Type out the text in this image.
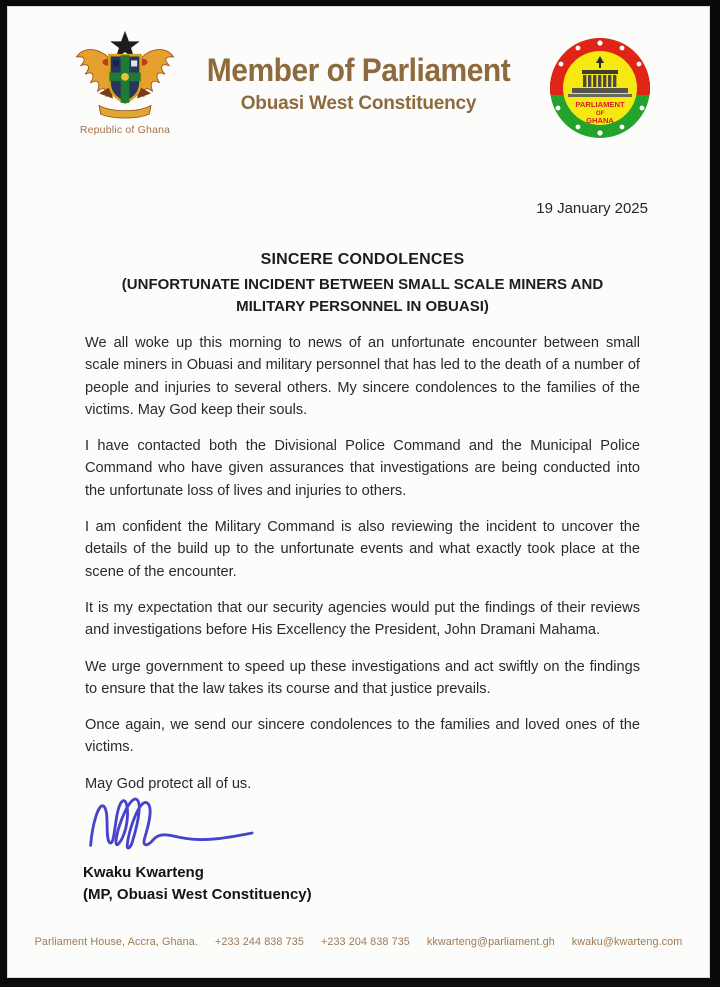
Republic of Ghana
Member of Parliament
Obuasi West Constituency	PARLIAMENT
OF
GHANA
19 January 2025
SINCERE CONDOLENCES
(UNFORTUNATE INCIDENT BETWEEN SMALL SCALE MINERS AND MILITARY PERSONNEL IN OBUASI)

We all woke up this morning to news of an unfortunate encounter between small scale miners in Obuasi and military personnel that has led to the death of a number of people and injuries to several others. My sincere condolences to the families of the victims. May God keep their souls.

I have contacted both the Divisional Police Command and the Municipal Police Command who have given assurances that investigations are being conducted into the unfortunate loss of lives and injuries to others.

I am confident the Military Command is also reviewing the incident to uncover the details of the build up to the unfortunate events and what exactly took place at the scene of the encounter.

It is my expectation that our security agencies would put the findings of their reviews and investigations before His Excellency the President, John Dramani Mahama.

We urge government to speed up these investigations and act swiftly on the findings to ensure that the law takes its course and that justice prevails.

Once again, we send our sincere condolences to the families and loved ones of the victims.

May God protect all of us.

Kwaku Kwarteng
(MP, Obuasi West Constituency)
Parliament House, Accra, Ghana. +233 244 838 735 +233 204 838 735 kkwarteng@parliament.gh kwaku@kwarteng.com
